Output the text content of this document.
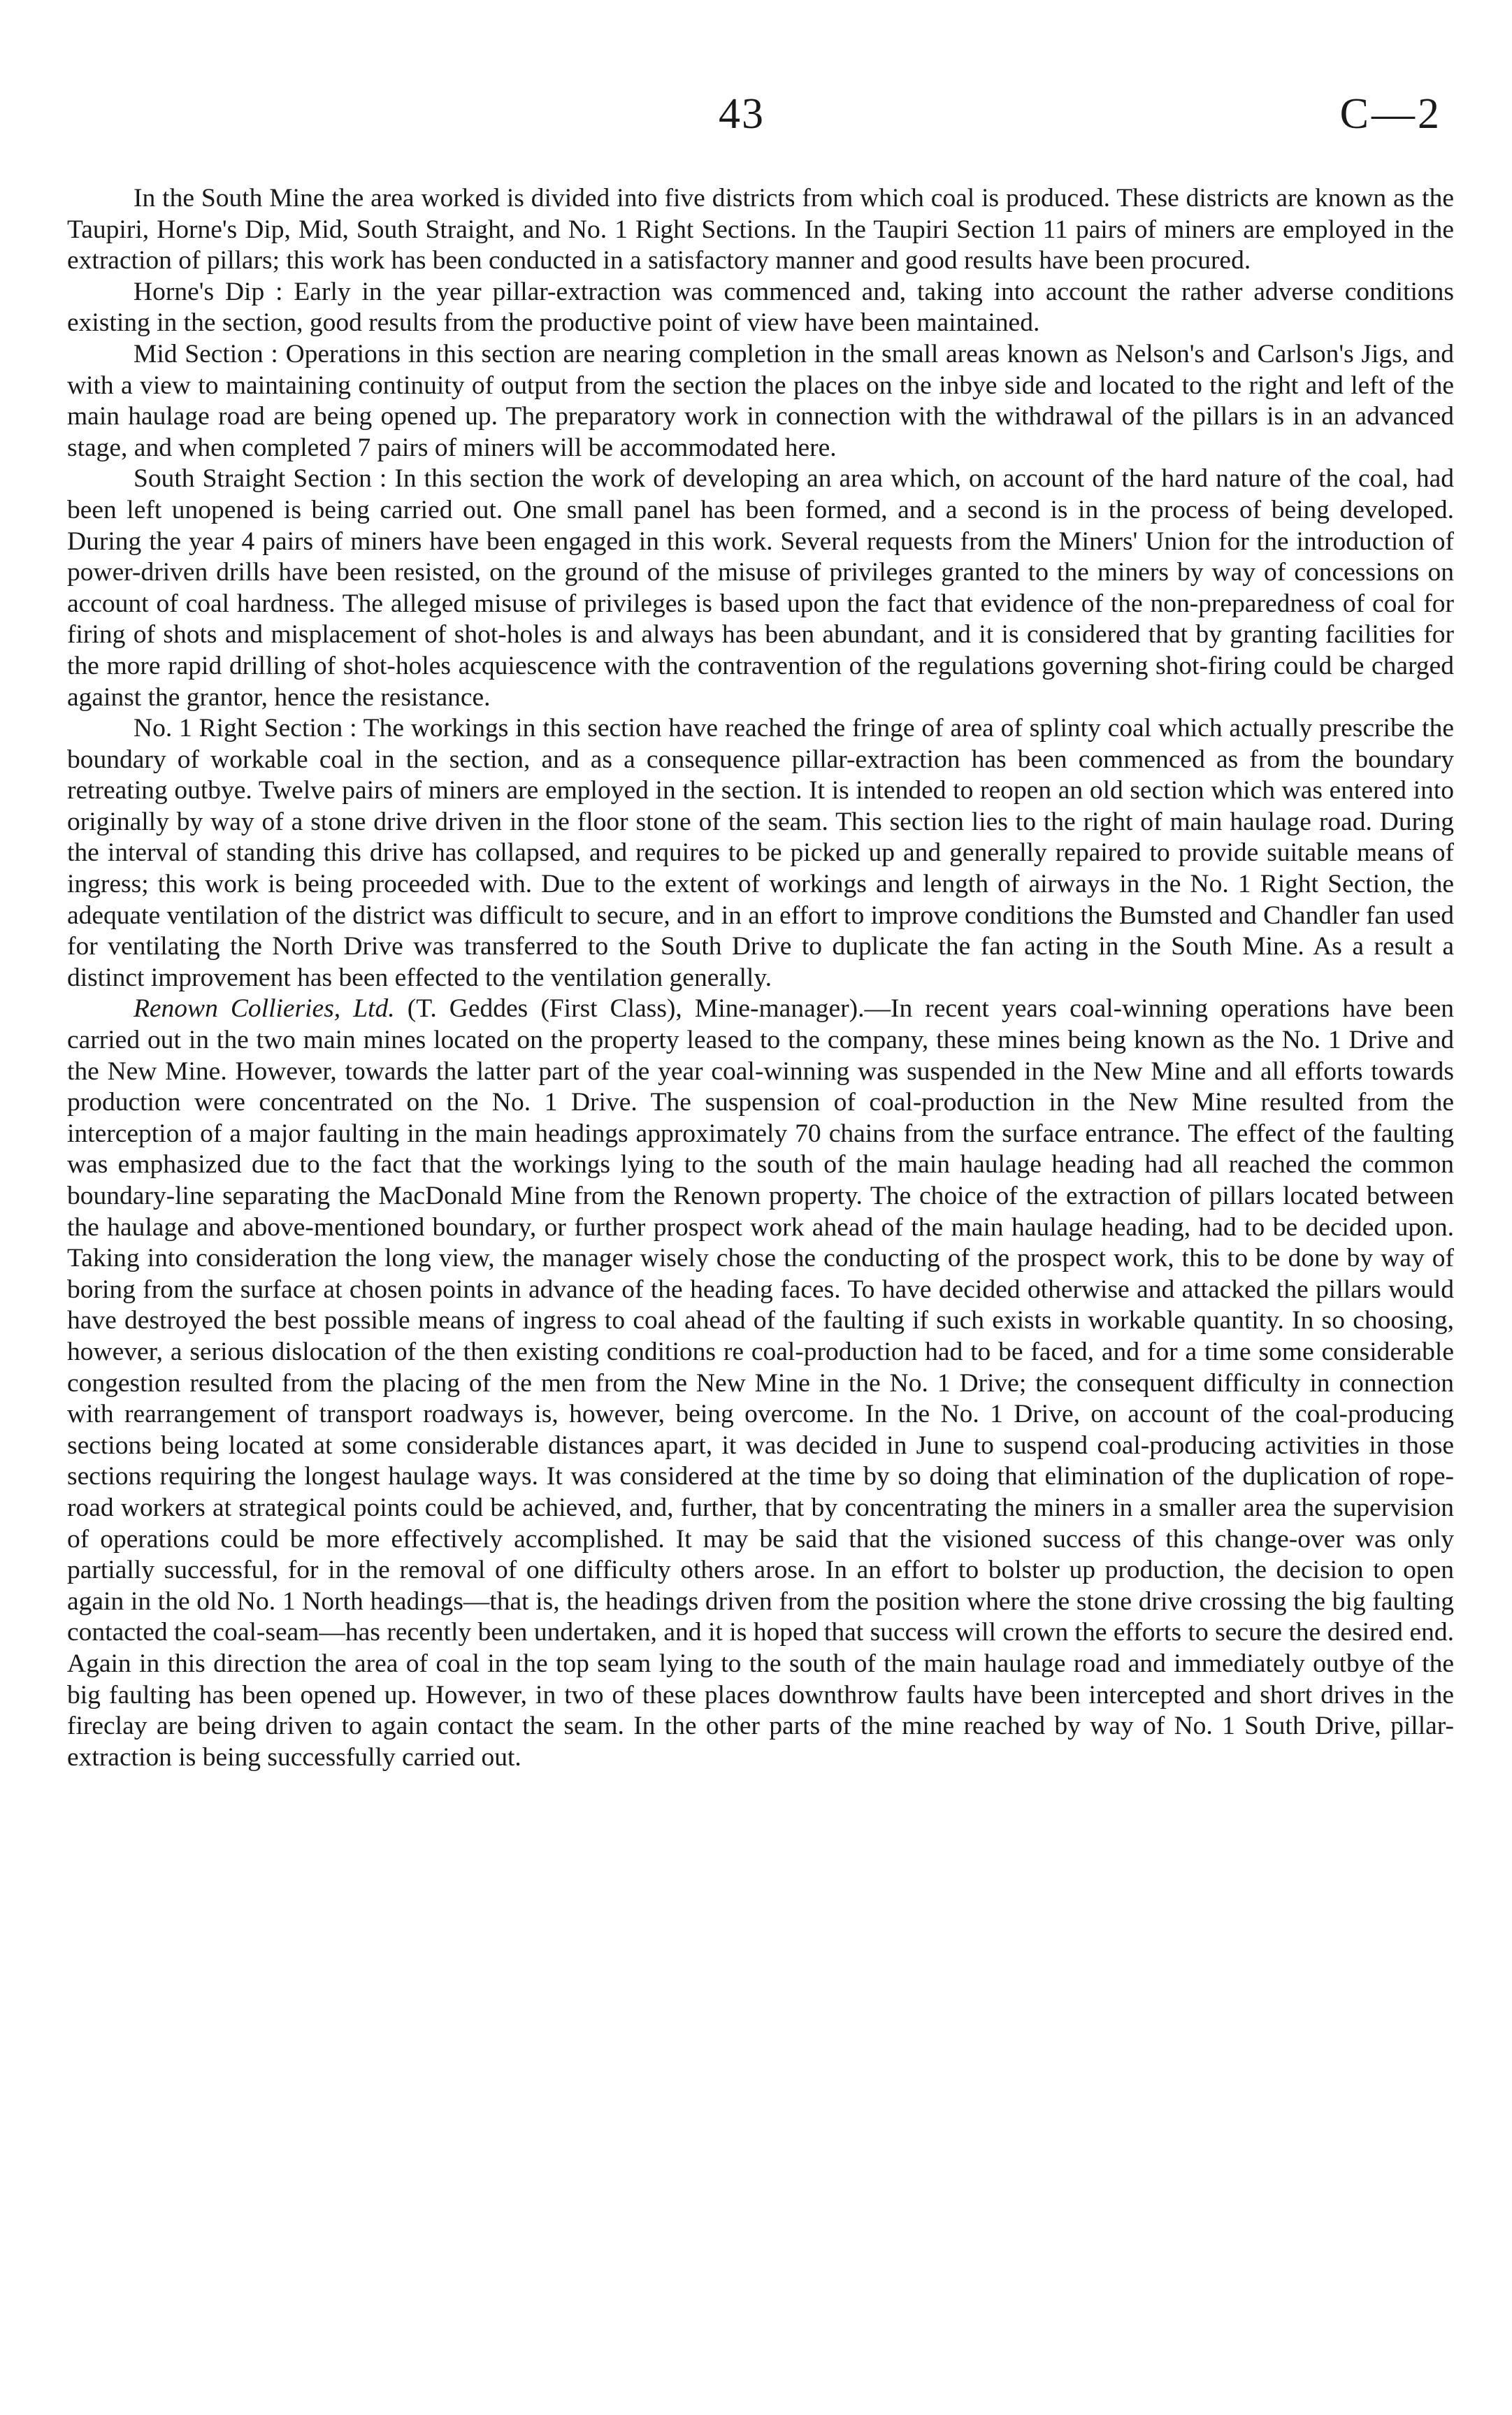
43	C—2

In the South Mine the area worked is divided into five districts from which coal is produced. These districts are known as the Taupiri, Horne's Dip, Mid, South Straight, and No. 1 Right Sections. In the Taupiri Section 11 pairs of miners are employed in the extraction of pillars; this work has been conducted in a satisfactory manner and good results have been procured.

Horne's Dip : Early in the year pillar-extraction was commenced and, taking into account the rather adverse conditions existing in the section, good results from the productive point of view have been maintained.

Mid Section : Operations in this section are nearing completion in the small areas known as Nelson's and Carlson's Jigs, and with a view to maintaining continuity of output from the section the places on the inbye side and located to the right and left of the main haulage road are being opened up. The preparatory work in connection with the withdrawal of the pillars is in an advanced stage, and when completed 7 pairs of miners will be accommodated here.

South Straight Section : In this section the work of developing an area which, on account of the hard nature of the coal, had been left unopened is being carried out. One small panel has been formed, and a second is in the process of being developed. During the year 4 pairs of miners have been engaged in this work. Several requests from the Miners' Union for the introduction of power-driven drills have been resisted, on the ground of the misuse of privileges granted to the miners by way of concessions on account of coal hardness. The alleged misuse of privileges is based upon the fact that evidence of the non-preparedness of coal for firing of shots and misplacement of shot-holes is and always has been abundant, and it is considered that by granting facilities for the more rapid drilling of shot-holes acquiescence with the contravention of the regulations governing shot-firing could be charged against the grantor, hence the resistance.

No. 1 Right Section : The workings in this section have reached the fringe of area of splinty coal which actually prescribe the boundary of workable coal in the section, and as a consequence pillar-extraction has been commenced as from the boundary retreating outbye. Twelve pairs of miners are employed in the section. It is intended to reopen an old section which was entered into originally by way of a stone drive driven in the floor stone of the seam. This section lies to the right of main haulage road. During the interval of standing this drive has collapsed, and requires to be picked up and generally repaired to provide suitable means of ingress; this work is being proceeded with. Due to the extent of workings and length of airways in the No. 1 Right Section, the adequate ventilation of the district was difficult to secure, and in an effort to improve conditions the Bumsted and Chandler fan used for ventilating the North Drive was transferred to the South Drive to duplicate the fan acting in the South Mine. As a result a distinct improvement has been effected to the ventilation generally.

Renown Collieries, Ltd. (T. Geddes (First Class), Mine-manager).—In recent years coal-winning operations have been carried out in the two main mines located on the property leased to the company, these mines being known as the No. 1 Drive and the New Mine. However, towards the latter part of the year coal-winning was suspended in the New Mine and all efforts towards production were concentrated on the No. 1 Drive. The suspension of coal-production in the New Mine resulted from the interception of a major faulting in the main headings approximately 70 chains from the surface entrance. The effect of the faulting was emphasized due to the fact that the workings lying to the south of the main haulage heading had all reached the common boundary-line separating the MacDonald Mine from the Renown property. The choice of the extraction of pillars located between the haulage and above-mentioned boundary, or further prospect work ahead of the main haulage heading, had to be decided upon. Taking into consideration the long view, the manager wisely chose the conducting of the prospect work, this to be done by way of boring from the surface at chosen points in advance of the heading faces. To have decided otherwise and attacked the pillars would have destroyed the best possible means of ingress to coal ahead of the faulting if such exists in workable quantity. In so choosing, however, a serious dislocation of the then existing conditions re coal-production had to be faced, and for a time some considerable congestion resulted from the placing of the men from the New Mine in the No. 1 Drive; the consequent difficulty in connection with rearrangement of transport roadways is, however, being overcome. In the No. 1 Drive, on account of the coal-producing sections being located at some considerable distances apart, it was decided in June to suspend coal-producing activities in those sections requiring the longest haulage ways. It was considered at the time by so doing that elimination of the duplication of rope-road workers at strategical points could be achieved, and, further, that by concentrating the miners in a smaller area the supervision of operations could be more effectively accomplished. It may be said that the visioned success of this change-over was only partially successful, for in the removal of one difficulty others arose. In an effort to bolster up production, the decision to open again in the old No. 1 North headings—that is, the headings driven from the position where the stone drive crossing the big faulting contacted the coal-seam—has recently been undertaken, and it is hoped that success will crown the efforts to secure the desired end. Again in this direction the area of coal in the top seam lying to the south of the main haulage road and immediately outbye of the big faulting has been opened up. However, in two of these places downthrow faults have been intercepted and short drives in the fireclay are being driven to again contact the seam. In the other parts of the mine reached by way of No. 1 South Drive, pillar-extraction is being successfully carried out.
